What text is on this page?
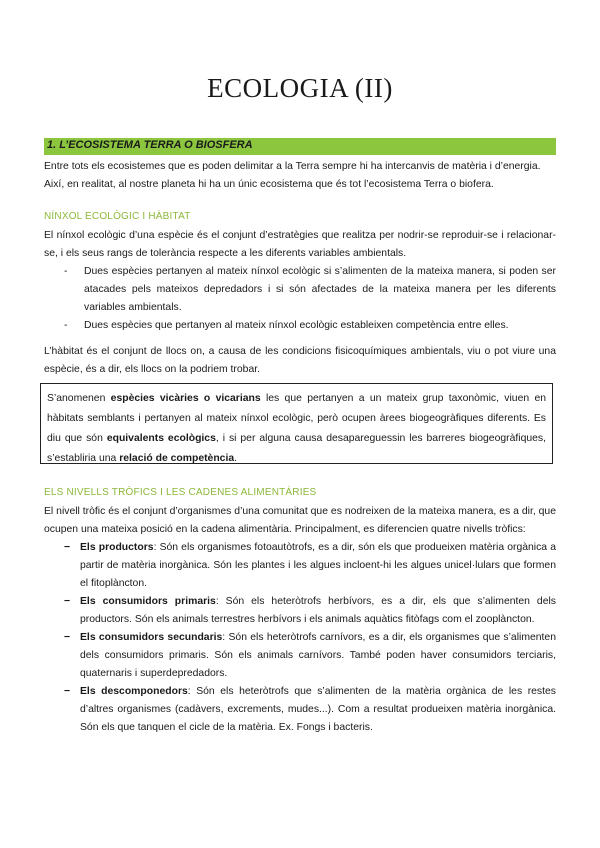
ECOLOGIA (II)
1. L’ECOSISTEMA TERRA O BIOSFERA
Entre tots els ecosistemes que es poden delimitar a la Terra sempre hi ha intercanvis de matèria i d’energia.
Així, en realitat, al nostre planeta hi ha un únic ecosistema que és tot l’ecosistema Terra o biofera.
NÍNXOL ECOLÒGIC I HÀBITAT
El nínxol ecològic d’una espècie és el conjunt d’estratègies que realitza per nodrir-se reproduir-se i relacionar-se, i els seus rangs de tolerància respecte a les diferents variables ambientals.
- Dues espècies pertanyen al mateix nínxol ecològic si s’alimenten de la mateixa manera, si poden ser atacades pels mateixos depredadors i si són afectades de la mateixa manera per les diferents variables ambientals.
- Dues espècies que pertanyen al mateix nínxol ecològic estableixen competència entre elles.
L’hàbitat és el conjunt de llocs on, a causa de les condicions fisicoquímiques ambientals, viu o pot viure una espècie, és a dir, els llocs on la podriem trobar.
S’anomenen espècies vicàries o vicarians les que pertanyen a un mateix grup taxonòmic, viuen en hàbitats semblants i pertanyen al mateix nínxol ecològic, però ocupen àrees biogeogràfiques diferents. Es diu que són equivalents ecològics, i si per alguna causa desapareguessin les barreres biogeogràfiques, s’establiria una relació de competència.
ELS NIVELLS TRÒFICS I LES CADENES ALIMENTÀRIES
El nivell tròfic és el conjunt d’organismes d’una comunitat que es nodreixen de la mateixa manera, es a dir, que ocupen una mateixa posició en la cadena alimentària. Principalment, es diferencien quatre nivells tròfics:
− Els productors: Són els organismes fotoautòtrofs, es a dir, són els que produeixen matèria orgànica a partir de matèria inorgànica. Són les plantes i les algues incloent-hi les algues unicel·lulars que formen el fitoplàncton.
− Els consumidors primaris: Són els heteròtrofs herbívors, es a dir, els que s’alimenten dels productors. Són els animals terrestres herbívors i els animals aquàtics fitòfags com el zooplàncton.
− Els consumidors secundaris: Són els heteròtrofs carnívors, es a dir, els organismes que s’alimenten dels consumidors primaris. Són els animals carnívors. També poden haver consumidors terciaris, quaternaris i superdepredadors.
− Els descomponedors: Són els heteròtrofs que s’alimenten de la matèria orgànica de les restes d’altres organismes (cadàvers, excrements, mudes...). Com a resultat produeixen matèria inorgànica. Són els que tanquen el cicle de la matèria. Ex. Fongs i bacteris.
